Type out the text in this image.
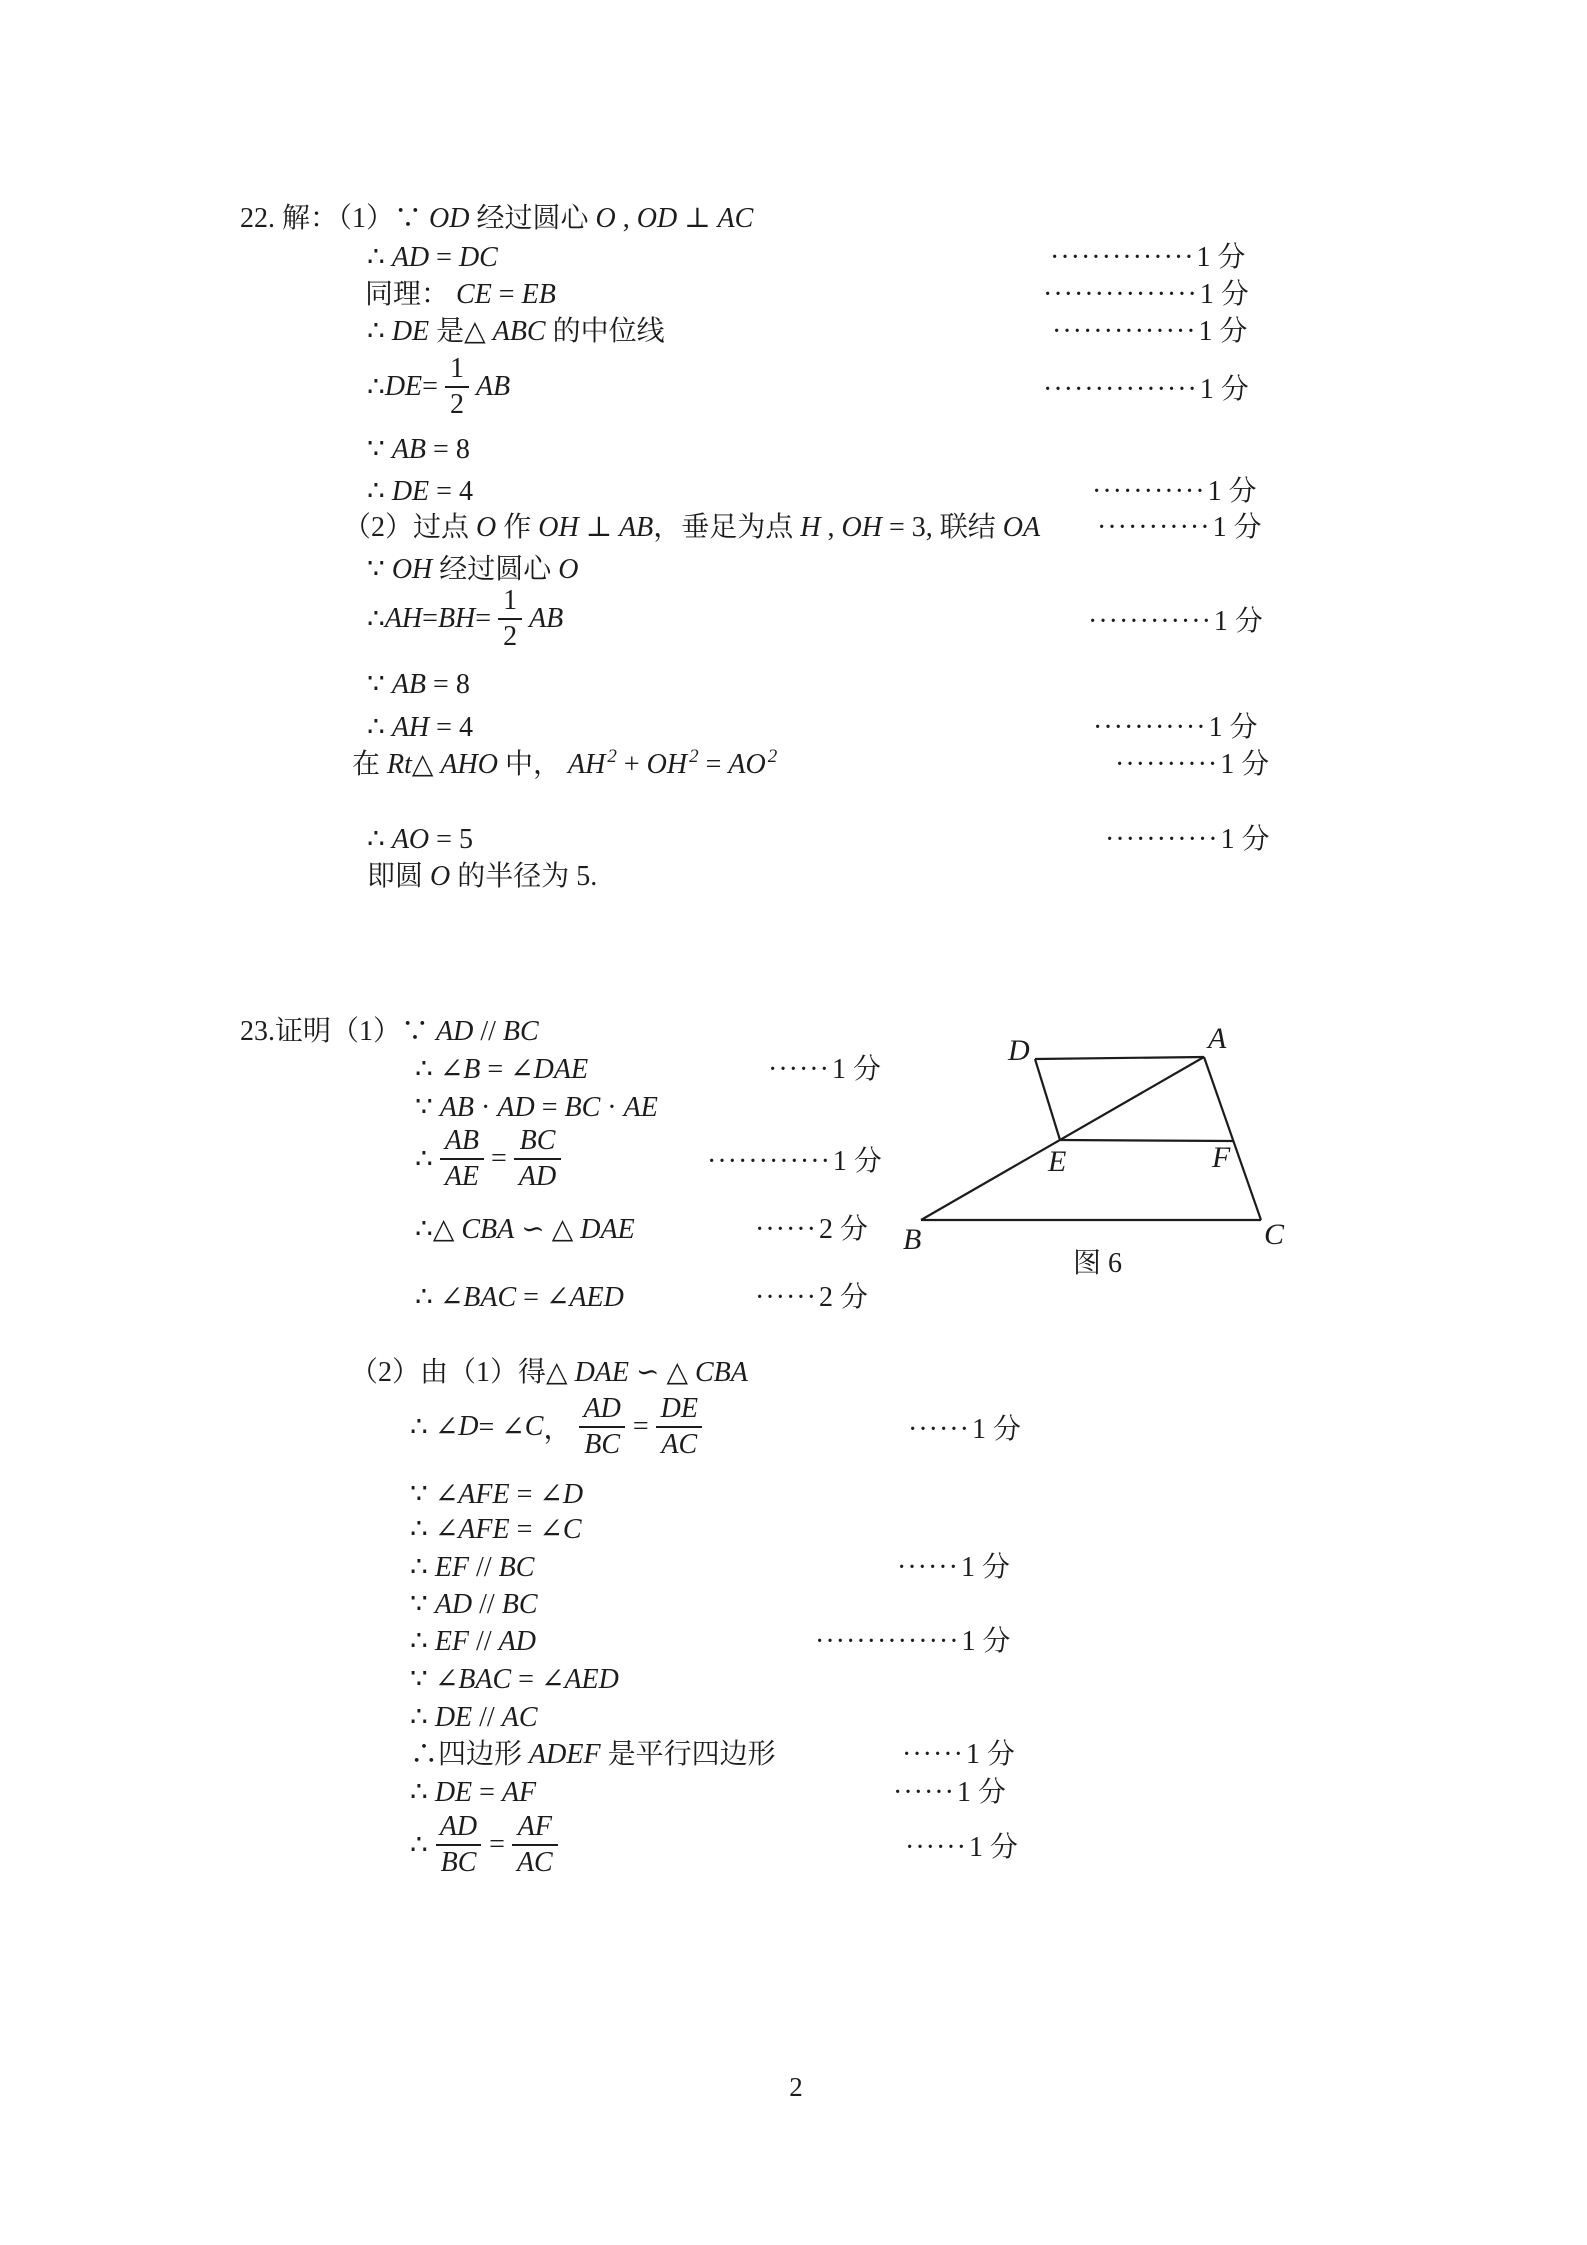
22. 解：（1）∵ OD 经过圆心 O , OD ⊥ AC
∴ AD = DC	··············1 分
同理： CE = EB	···············1 分
∴ DE 是△ ABC 的中位线	··············1 分
∴ DE = $\frac{1}{2}$ AB	···············1 分
∵ AB = 8
∴ DE = 4	···········1 分
（2）过点 O 作 OH ⊥ AB，垂足为点 H , OH = 3, 联结 OA ···········1 分
∵ OH 经过圆心 O
∴ AH = BH = $\frac{1}{2}$ AB	············1 分
∵ AB = 8
∴ AH = 4	···········1 分
在 Rt△ AHO 中， AH $^2$ + OH $^2$ = AO $^2$	··········1 分
∴ AO = 5	···········1 分
即圆 O 的半径为 5.
23.证明（1）∵ AD // BC
∴ ∠B = ∠DAE	······1 分
∵ AB · AD = BC · AE
∴ $\frac{AB}{AE} = \frac{BC}{AD}$	············1 分
∴△ CBA ∽ △ DAE	······2 分
∴ ∠BAC = ∠AED	······2 分
（2）由（1）得△ DAE ∽ △ CBA
∴ ∠ D = ∠ C ， $\frac{AD}{BC} = \frac{DE}{AC}$	······1 分
∵ ∠AFE = ∠D
∴ ∠AFE = ∠C
∴ EF // BC	······1 分
∵ AD // BC
∴ EF // AD	··············1 分
∵ ∠BAC = ∠AED
∴ DE // AC
∴四边形 ADEF 是平行四边形	······1 分
∴ DE = AF	······1 分
∴ $\frac{AD}{BC} = \frac{AF}{AC}$	······1 分
D	A
E	F
B	C
图 6
2
